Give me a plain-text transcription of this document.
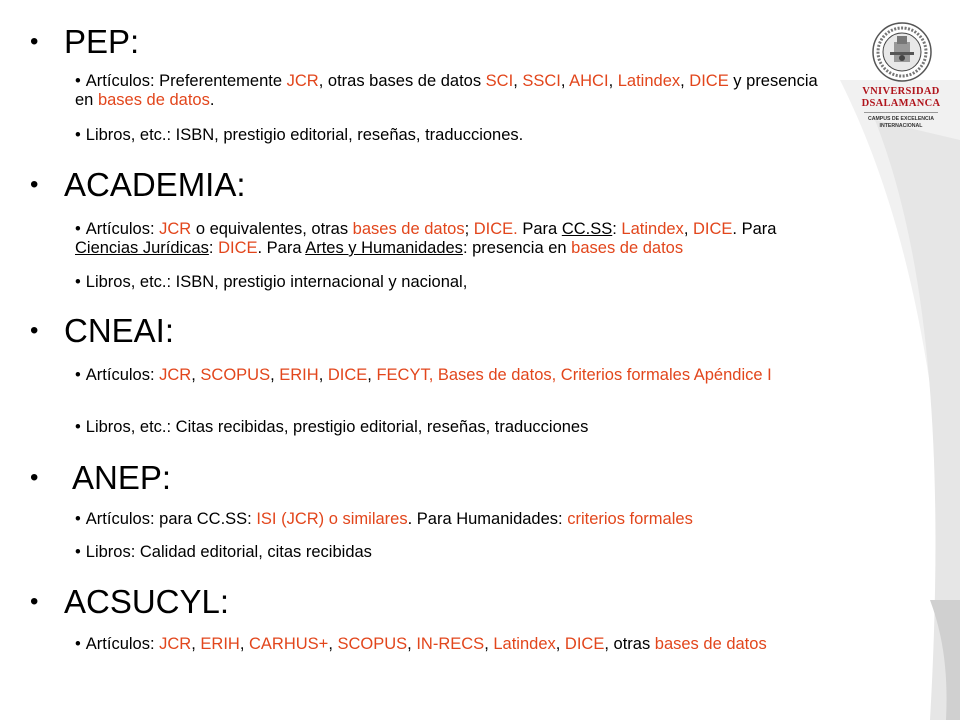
VNIVERSIDAD
DSALAMANCA
CAMPUS DE EXCELENCIA
INTERNACIONAL
• PEP:
• Artículos: Preferentemente JCR, otras bases de datos SCI, SSCI, AHCI, Latindex, DICE y presencia en bases de datos.
• Libros, etc.: ISBN, prestigio editorial, reseñas, traducciones.
• ACADEMIA:
• Artículos: JCR o equivalentes, otras bases de datos; DICE. Para CC.SS: Latindex, DICE. Para Ciencias Jurídicas: DICE. Para Artes y Humanidades: presencia en bases de datos
• Libros, etc.: ISBN, prestigio internacional y nacional,
• CNEAI:
• Artículos: JCR, SCOPUS, ERIH, DICE, FECYT, Bases de datos, Criterios formales Apéndice I
• Libros, etc.: Citas recibidas, prestigio editorial, reseñas, traducciones
•	ANEP:
• Artículos: para CC.SS: ISI (JCR) o similares. Para Humanidades: criterios formales
• Libros: Calidad editorial, citas recibidas
• ACSUCYL:
• Artículos: JCR, ERIH, CARHUS+, SCOPUS, IN-RECS, Latindex, DICE, otras bases de datos
